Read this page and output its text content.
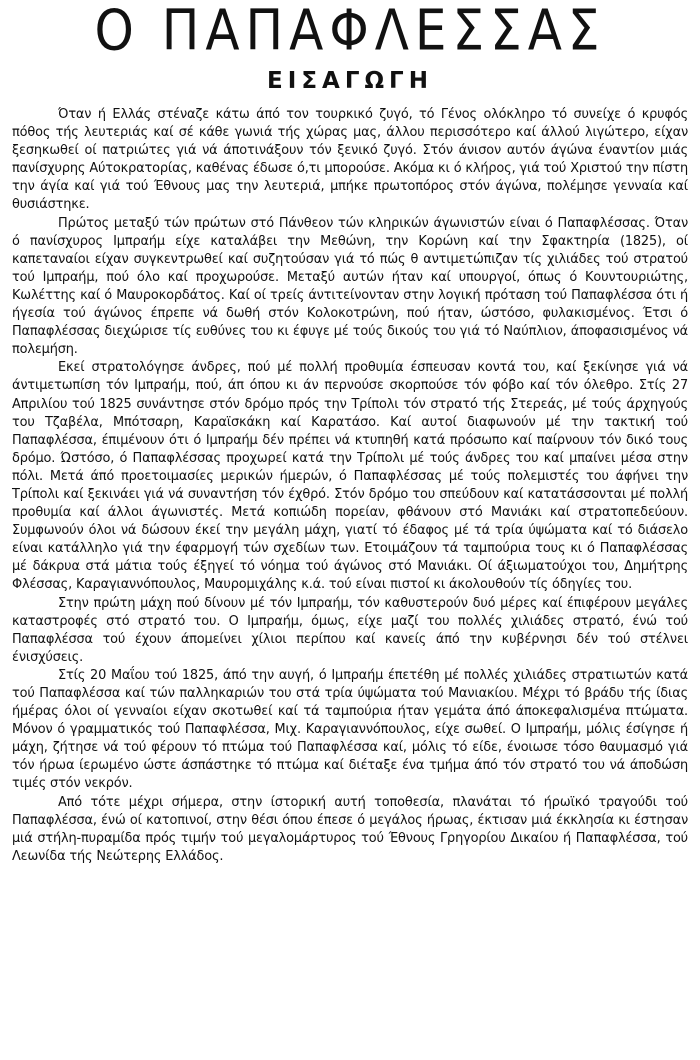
Ο ΠΑΠΑΦΛΕΣΣΑΣ
ΕΙΣΑΓΩΓΗ

Όταν ή Ελλάς στέναζε κάτω άπό τον τουρκικό ζυγό, τό Γένος ολόκληρο τό συνείχε ό κρυφός πόθος τής λευτεριάς καί σέ κάθε γωνιά τής χώρας μας, άλλου περισσότερο καί άλλού λιγώτερο, είχαν ξεσηκωθεί οί πατριώτες γιά νά άποτινάξουν τόν ξενικό ζυγό. Στόν άνισον αυτόν άγώνα έναντίον μιάς πανίσχυρης Αύτοκρατορίας, καθένας έδωσε ό,τι μπορούσε. Ακόμα κι ό κλήρος, γιά τού Χριστού την πίστη την άγία καί γιά τού Έθνους μας την λευτεριά, μπήκε πρωτοπόρος στόν άγώνα, πολέμησε γενναία καί θυσιάστηκε.

Πρώτος μεταξύ τών πρώτων στό Πάνθεον τών κληρικών άγωνιστών είναι ό Παπαφλέσσας. Όταν ό πανίσχυρος Ιμπραήμ είχε καταλάβει την Μεθώνη, την Κορώνη καί την Σφακτηρία (1825), οί καπεταναίοι είχαν συγκεντρωθεί καί συζητούσαν γιά τό πώς θ αντιμετώπιζαν τίς χιλιάδες τού στρατού τού Ιμπραήμ, πού όλο καί προχωρούσε. Μεταξύ αυτών ήταν καί υπουργοί, όπως ό Κουντουριώτης, Κωλέττης καί ό Μαυροκορδάτος. Καί οί τρείς άντιτείνονταν στην λογική πρόταση τού Παπαφλέσσα ότι ή ήγεσία τού άγώνος έπρεπε νά δωθή στόν Κολοκοτρώνη, πού ήταν, ώστόσο, φυλακισμένος. Έτσι ό Παπαφλέσσας διεχώρισε τίς ευθύνες του κι έφυγε μέ τούς δικούς του γιά τό Ναύπλιον, άποφασισμένος νά πολεμήση.

Εκεί στρατολόγησε άνδρες, πού μέ πολλή προθυμία έσπευσαν κοντά του, καί ξεκίνησε γιά νά άντιμετωπίση τόν Ιμπραήμ, πού, άπ όπου κι άν περνούσε σκορπούσε τόν φόβο καί τόν όλεθρο. Στίς 27 Απριλίου τού 1825 συνάντησε στόν δρόμο πρός την Τρίπολι τόν στρατό τής Στερεάς, μέ τούς άρχηγούς του Τζαβέλα, Μπότσαρη, Καραϊσκάκη καί Καρατάσο. Καί αυτοί διαφωνούν μέ την τακτική τού Παπαφλέσσα, έπιμένουν ότι ό Ιμπραήμ δέν πρέπει νά κτυπηθή κατά πρόσωπο καί παίρνουν τόν δικό τους δρόμο. Ώστόσο, ό Παπαφλέσσας προχωρεί κατά την Τρίπολι μέ τούς άνδρες του καί μπαίνει μέσα στην πόλι. Μετά άπό προετοιμασίες μερικών ήμερών, ό Παπαφλέσσας μέ τούς πολεμιστές του άφήνει την Τρίπολι καί ξεκινάει γιά νά συναντήση τόν έχθρό. Στόν δρόμο του σπεύδουν καί κατατάσσονται μέ πολλή προθυμία καί άλλοι άγωνιστές. Μετά κοπιώδη πορείαν, φθάνουν στό Μανιάκι καί στρατοπεδεύουν. Συμφωνούν όλοι νά δώσουν έκεί την μεγάλη μάχη, γιατί τό έδαφος μέ τά τρία ύψώματα καί τό διάσελο είναι κατάλληλο γιά την έφαρμογή τών σχεδίων των. Ετοιμάζουν τά ταμπούρια τους κι ό Παπαφλέσσας μέ δάκρυα στά μάτια τούς έξηγεί τό νόημα τού άγώνος στό Μανιάκι. Οί άξιωματούχοι του, Δημήτρης Φλέσσας, Καραγιαννόπουλος, Μαυρομιχάλης κ.ά. τού είναι πιστοί κι άκολουθούν τίς όδηγίες του.

Στην πρώτη μάχη πού δίνουν μέ τόν Ιμπραήμ, τόν καθυστερούν δυό μέρες καί έπιφέρουν μεγάλες καταστροφές στό στρατό του. Ο Ιμπραήμ, όμως, είχε μαζί του πολλές χιλιάδες στρατό, ένώ τού Παπαφλέσσα τού έχουν άπομείνει χίλιοι περίπου καί κανείς άπό την κυβέρνησι δέν τού στέλνει ένισχύσεις.

Στίς 20 Μαΐου τού 1825, άπό την αυγή, ό Ιμπραήμ έπετέθη μέ πολλές χιλιάδες στρατιωτών κατά τού Παπαφλέσσα καί τών παλληκαριών του στά τρία ύψώματα τού Μανιακίου. Μέχρι τό βράδυ τής ίδιας ήμέρας όλοι οί γενναίοι είχαν σκοτωθεί καί τά ταμπούρια ήταν γεμάτα άπό άποκεφαλισμένα πτώματα. Μόνον ό γραμματικός τού Παπαφλέσσα, Μιχ. Καραγιαννόπουλος, είχε σωθεί. Ο Ιμπραήμ, μόλις έσίγησε ή μάχη, ζήτησε νά τού φέρουν τό πτώμα τού Παπαφλέσσα καί, μόλις τό είδε, ένοιωσε τόσο θαυμασμό γιά τόν ήρωα ίερωμένο ώστε άσπάστηκε τό πτώμα καί διέταξε ένα τμήμα άπό τόν στρατό του νά άποδώση τιμές στόν νεκρόν.

Από τότε μέχρι σήμερα, στην ίστορική αυτή τοποθεσία, πλανάται τό ήρωϊκό τραγούδι τού Παπαφλέσσα, ένώ οί κατοπινοί, στην θέσι όπου έπεσε ό μεγάλος ήρωας, έκτισαν μιά έκκλησία κι έστησαν μιά στήλη-πυραμίδα πρός τιμήν τού μεγαλομάρτυρος τού Έθνους Γρηγορίου Δικαίου ή Παπαφλέσσα, τού Λεωνίδα τής Νεώτερης Ελλάδος.
